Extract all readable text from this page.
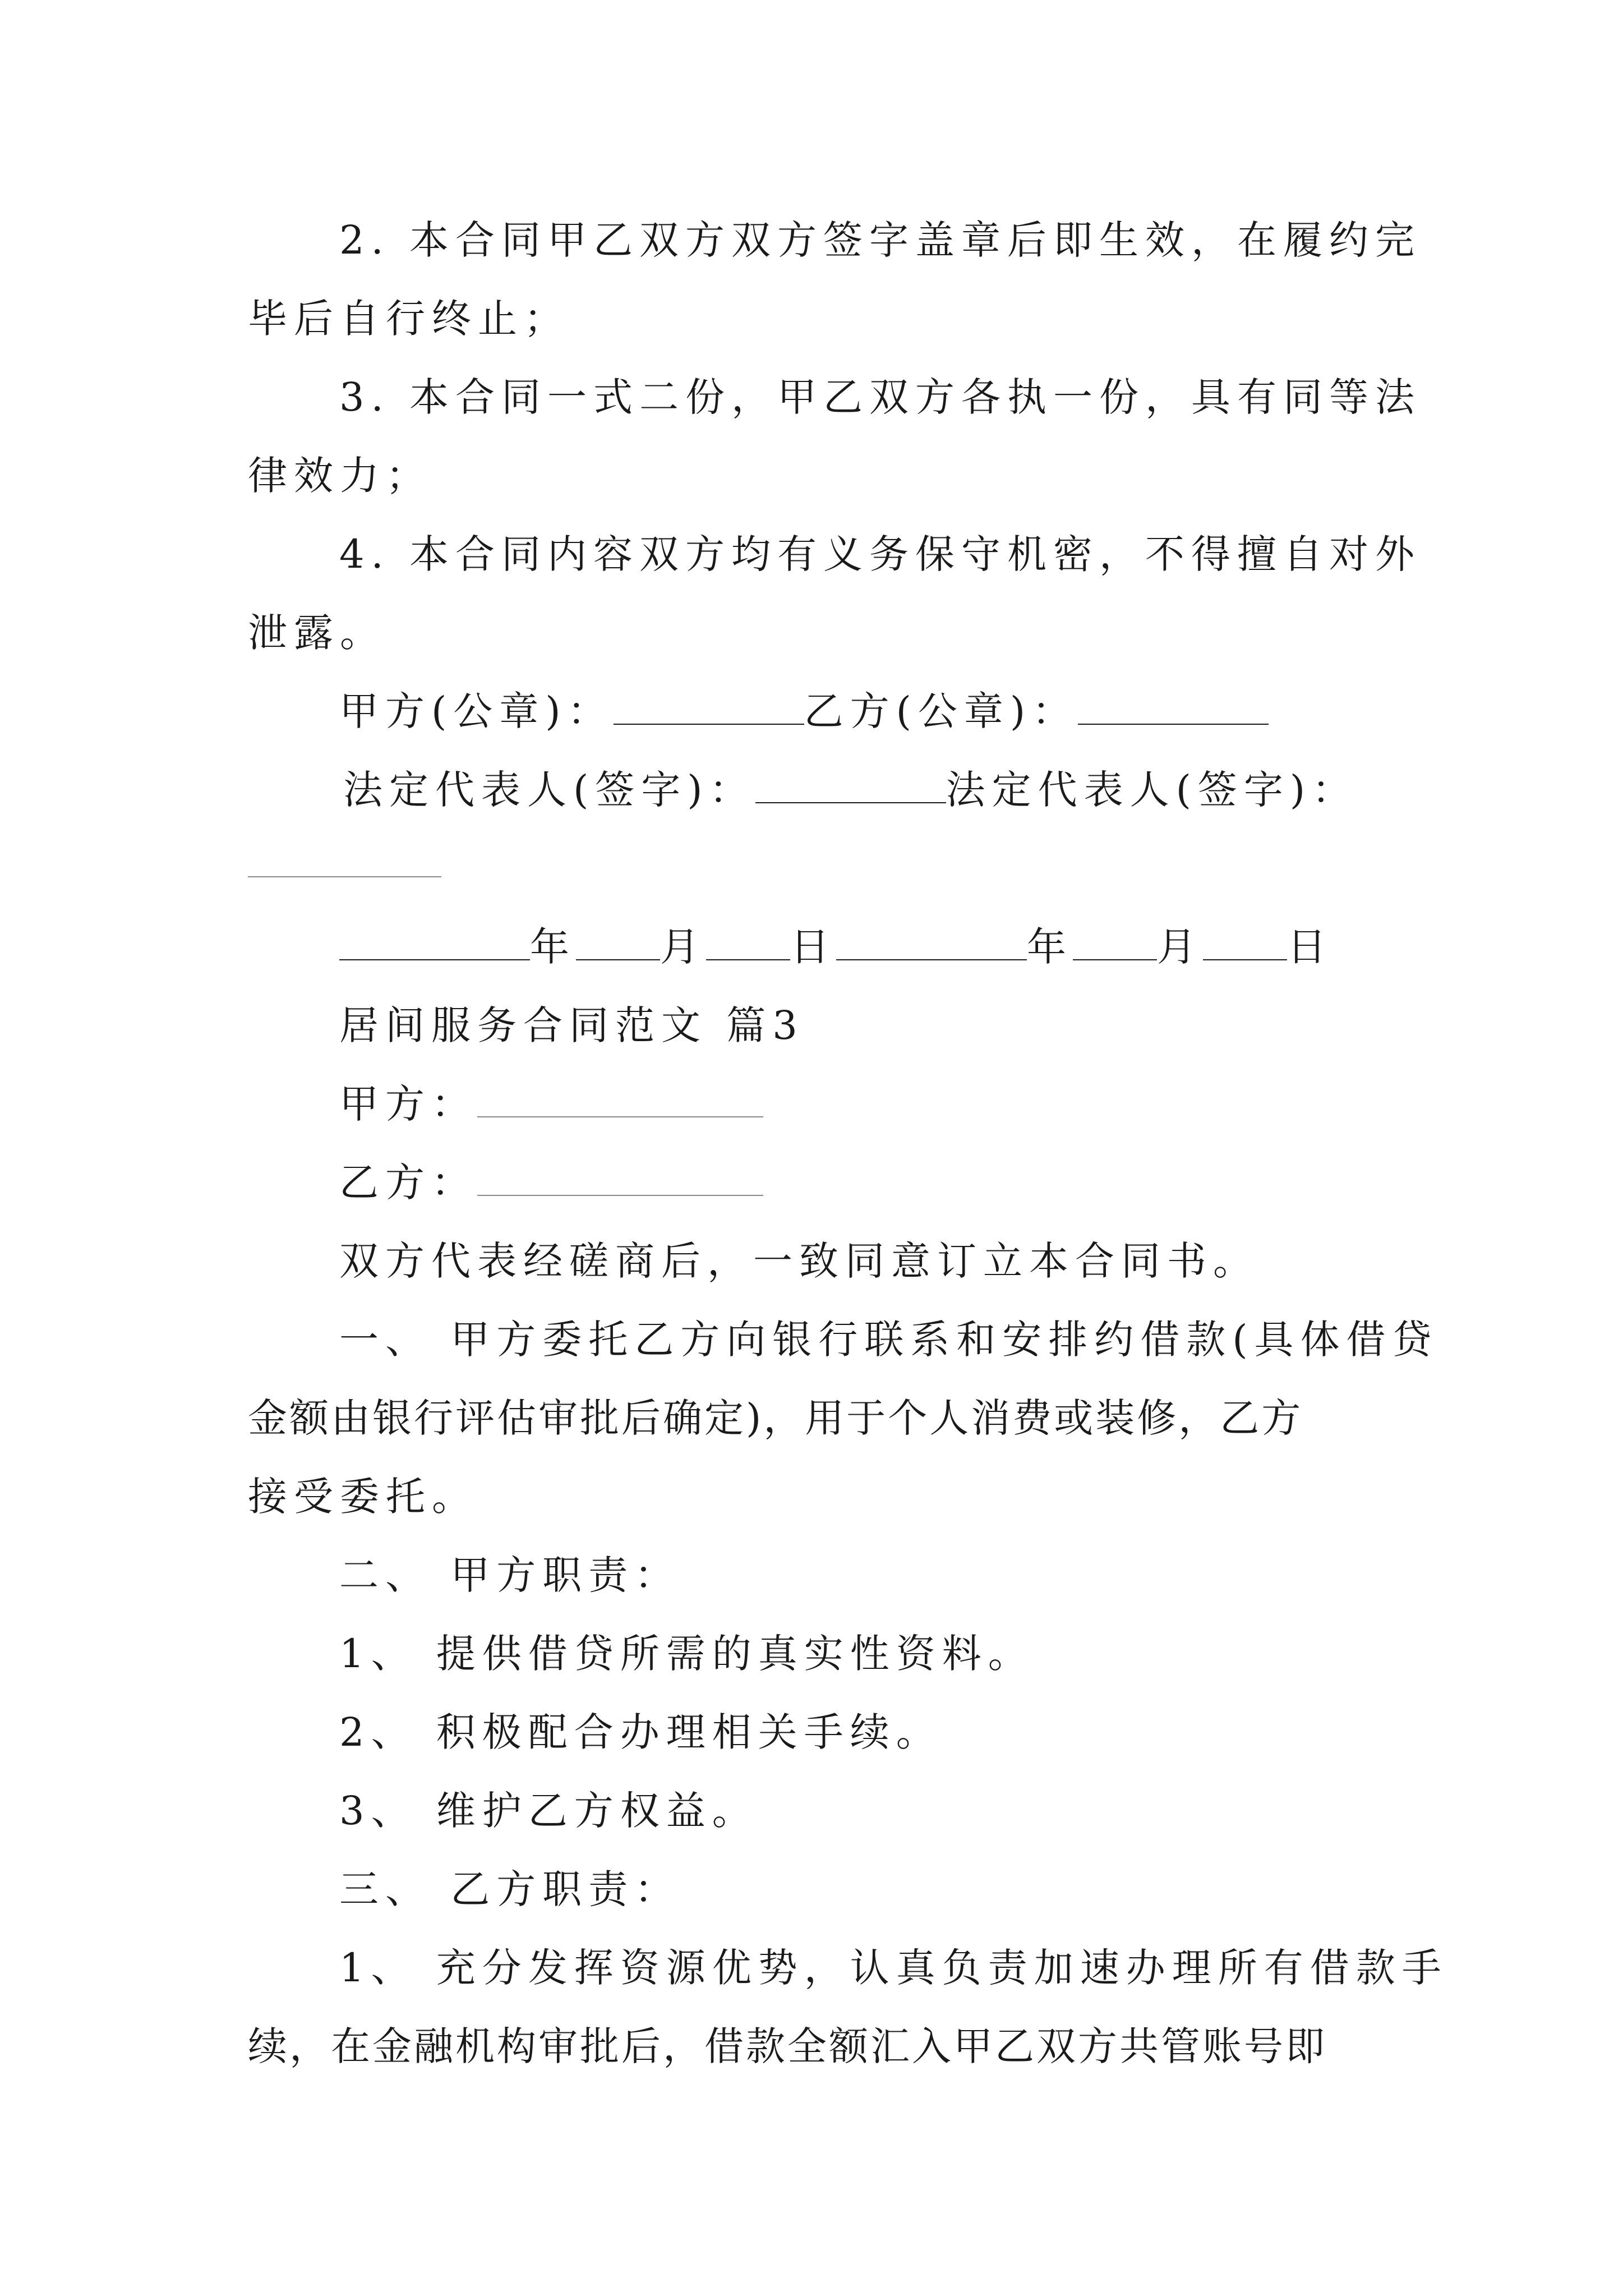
2. 本合同甲乙双方双方签字盖章后即生效，在履约完
毕后自行终止；
3. 本合同一式二份，甲乙双方各执一份，具有同等法
律效力；
4. 本合同内容双方均有义务保守机密，不得擅自对外
泄露。
甲方(公章)：	乙方(公章)：
法定代表人(签字)：	法定代表人(签字)：
年 月 日	年 月 日
居间服务合同范文 篇3
甲方：
乙方：
双方代表经磋商后，一致同意订立本合同书。
一、 甲方委托乙方向银行联系和安排约借款(具体借贷
金额由银行评估审批后确定)，用于个人消费或装修，乙方
接受委托。
二、 甲方职责：
1、 提供借贷所需的真实性资料。
2、 积极配合办理相关手续。
3、 维护乙方权益。
三、 乙方职责：
1、 充分发挥资源优势，认真负责加速办理所有借款手
续，在金融机构审批后，借款全额汇入甲乙双方共管账号即
